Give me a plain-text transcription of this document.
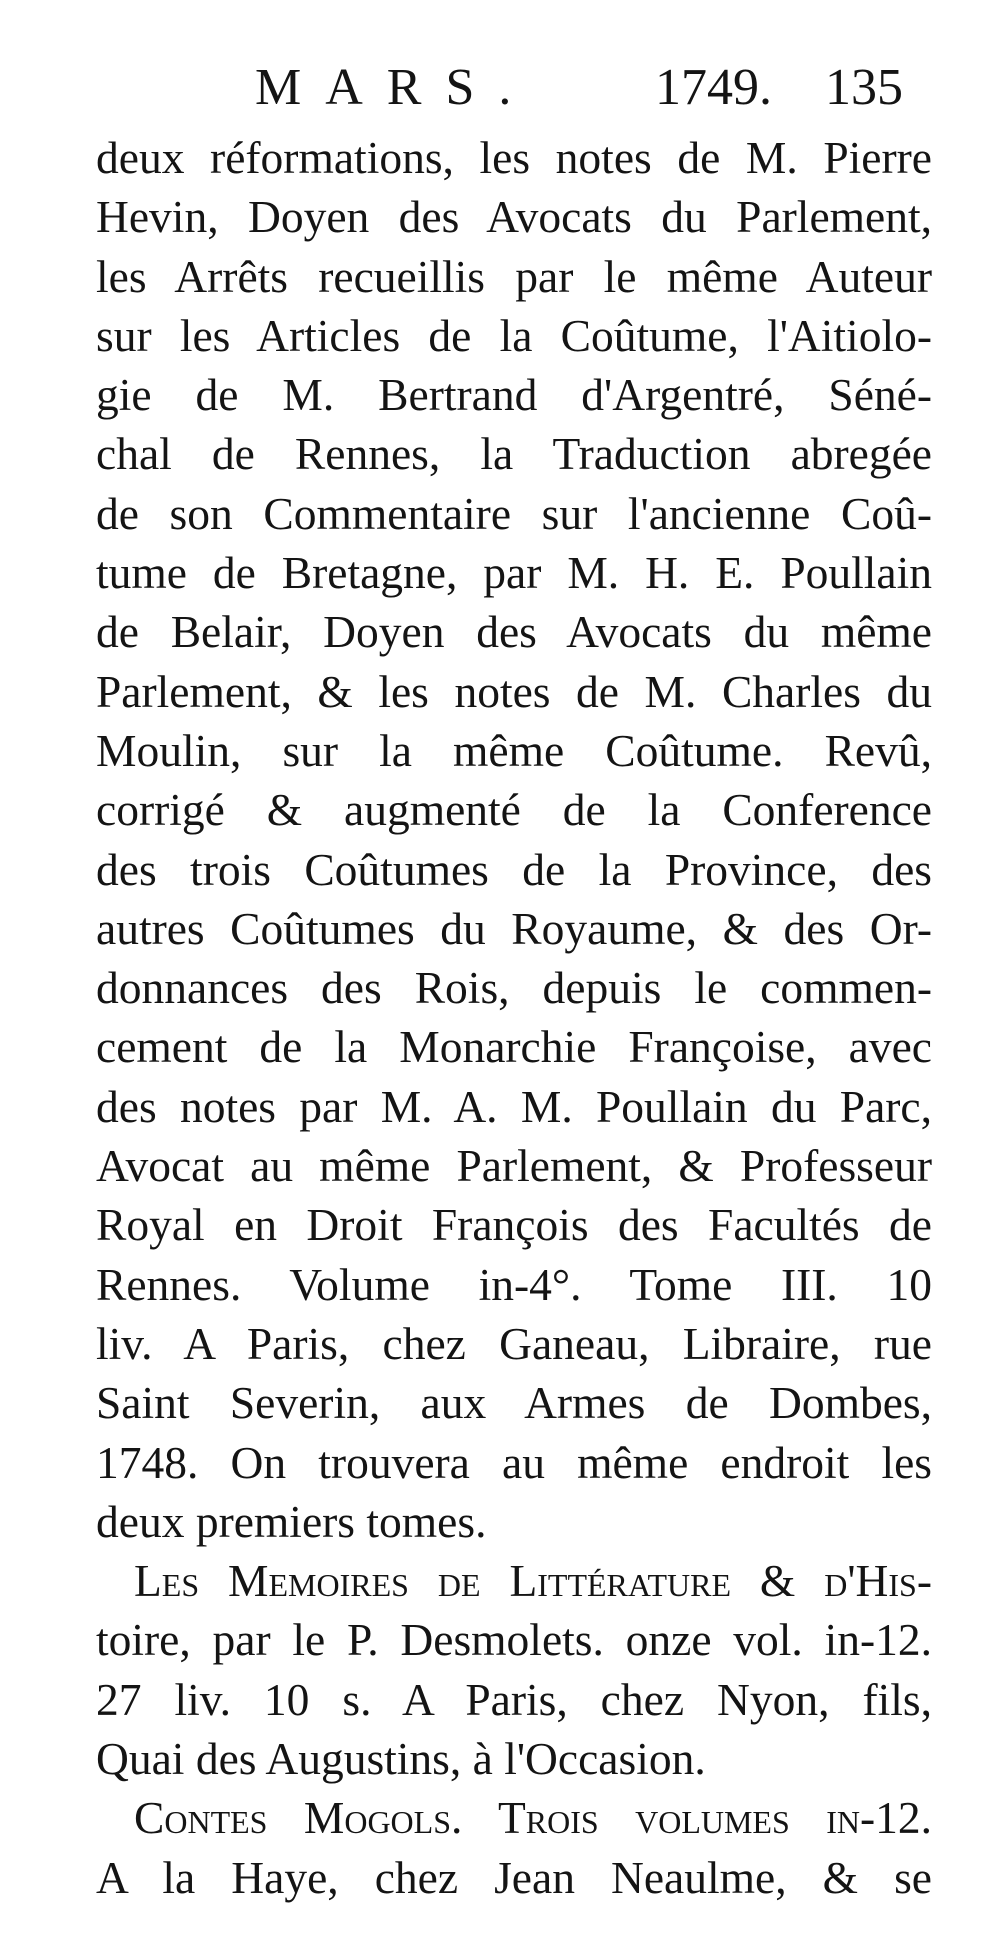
MARS. 1749. 135
deux réformations, les notes de M. Pierre
Hevin, Doyen des Avocats du Parlement,
les Arrêts recueillis par le même Auteur
sur les Articles de la Coûtume, l'Aitiolo-
gie de M. Bertrand d'Argentré, Séné-
chal de Rennes, la Traduction abregée
de son Commentaire sur l'ancienne Coû-
tume de Bretagne, par M. H. E. Poullain
de Belair, Doyen des Avocats du même
Parlement, & les notes de M. Charles du
Moulin, sur la même Coûtume. Revû,
corrigé & augmenté de la Conference
des trois Coûtumes de la Province, des
autres Coûtumes du Royaume, & des Or-
donnances des Rois, depuis le commen-
cement de la Monarchie Françoise, avec
des notes par M. A. M. Poullain du Parc,
Avocat au même Parlement, & Professeur
Royal en Droit François des Facultés de
Rennes. Volume in-4°. Tome III. 10
liv. A Paris, chez Ganeau, Libraire, rue
Saint Severin, aux Armes de Dombes,
1748. On trouvera au même endroit les
deux premiers tomes.
Les Memoires de Littérature & d'His-
toire, par le P. Desmolets. onze vol. in-12.
27 liv. 10 s. A Paris, chez Nyon, fils,
Quai des Augustins, à l'Occasion.
Contes Mogols. Trois volumes in-12.
A la Haye, chez Jean Neaulme, & se
